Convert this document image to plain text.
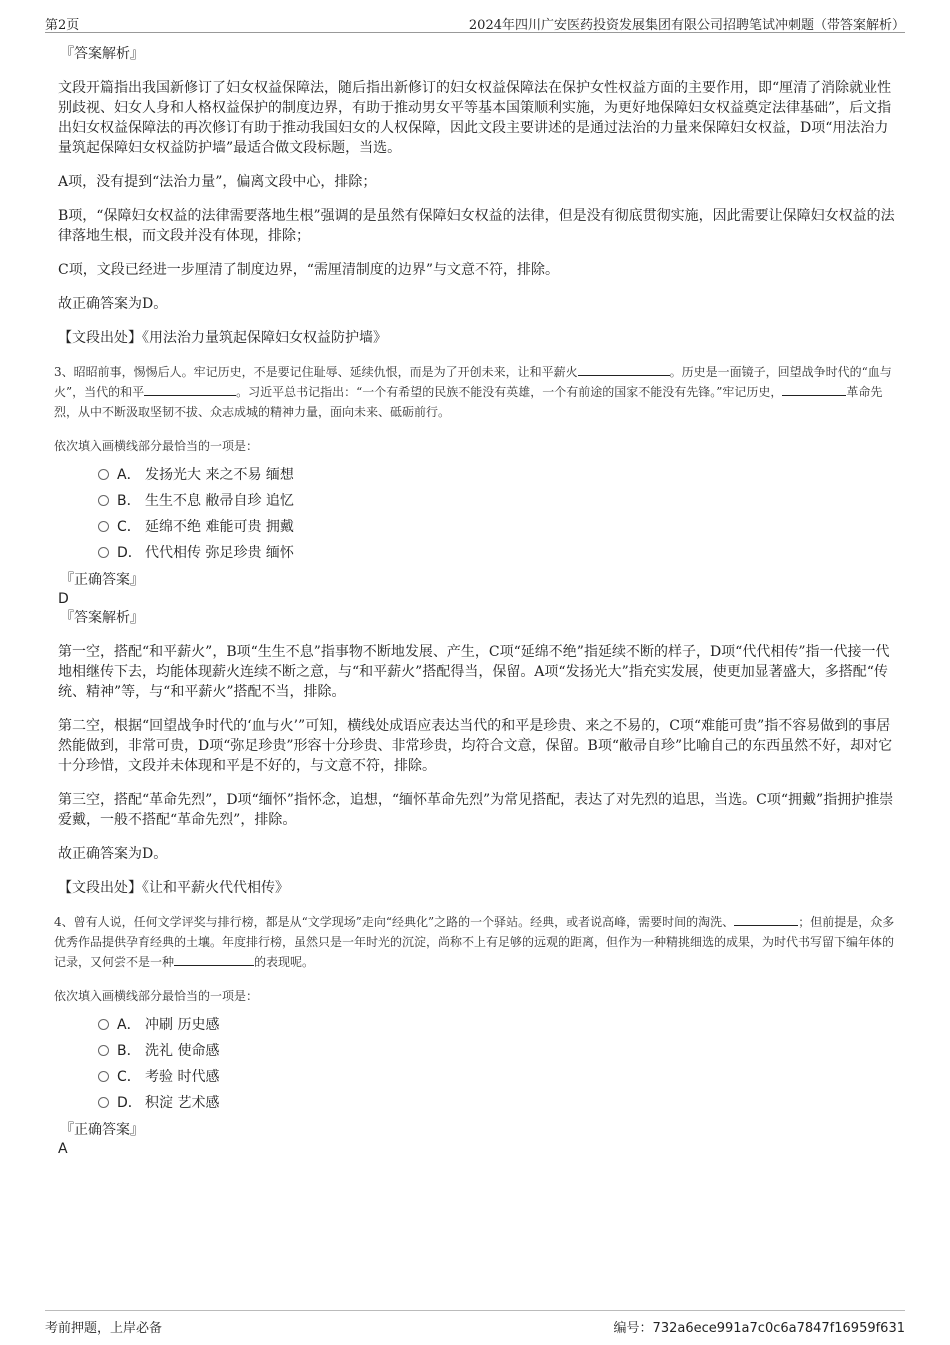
第2页	2024年四川广安医药投资发展集团有限公司招聘笔试冲刺题（带答案解析）
『答案解析』

文段开篇指出我国新修订了妇女权益保障法，随后指出新修订的妇女权益保障法在保护女性权益方面的主要作用，即“厘清了消除就业性别歧视、妇女人身和人格权益保护的制度边界，有助于推动男女平等基本国策顺利实施，为更好地保障妇女权益奠定法律基础”，后文指出妇女权益保障法的再次修订有助于推动我国妇女的人权保障，因此文段主要讲述的是通过法治的力量来保障妇女权益，D项“用法治力量筑起保障妇女权益防护墙”最适合做文段标题，当选。

A项，没有提到“法治力量”，偏离文段中心，排除；

B项，“保障妇女权益的法律需要落地生根”强调的是虽然有保障妇女权益的法律，但是没有彻底贯彻实施，因此需要让保障妇女权益的法律落地生根，而文段并没有体现，排除；

C项，文段已经进一步厘清了制度边界，“需厘清制度的边界”与文意不符，排除。

故正确答案为D。

【文段出处】《用法治力量筑起保障妇女权益防护墙》

3、昭昭前事，惕惕后人。牢记历史，不是要记住耻辱、延续仇恨，而是为了开创未来，让和平薪火	。历史是一面镜子，回望战争时代的“血与火”，当代的和平	。习近平总书记指出：“一个有希望的民族不能没有英雄，一个有前途的国家不能没有先锋。”牢记历史，	革命先烈，从中不断汲取坚韧不拔、众志成城的精神力量，面向未来、砥砺前行。

依次填入画横线部分最恰当的一项是：

A． 发扬光大 来之不易 缅想
B． 生生不息 敝帚自珍 追忆
C． 延绵不绝 难能可贵 拥戴
D． 代代相传 弥足珍贵 缅怀
『正确答案』
D
『答案解析』

第一空，搭配“和平薪火”，B项“生生不息”指事物不断地发展、产生，C项“延绵不绝”指延续不断的样子，D项“代代相传”指一代接一代地相继传下去，均能体现薪火连续不断之意，与“和平薪火”搭配得当，保留。A项“发扬光大”指充实发展，使更加显著盛大，多搭配“传统、精神”等，与“和平薪火”搭配不当，排除。

第二空，根据“回望战争时代的‘血与火’”可知，横线处成语应表达当代的和平是珍贵、来之不易的，C项“难能可贵”指不容易做到的事居然能做到，非常可贵，D项“弥足珍贵”形容十分珍贵、非常珍贵，均符合文意，保留。B项“敝帚自珍”比喻自己的东西虽然不好，却对它十分珍惜，文段并未体现和平是不好的，与文意不符，排除。

第三空，搭配“革命先烈”，D项“缅怀”指怀念，追想，“缅怀革命先烈”为常见搭配，表达了对先烈的追思，当选。C项“拥戴”指拥护推崇爱戴，一般不搭配“革命先烈”，排除。

故正确答案为D。

【文段出处】《让和平薪火代代相传》

4、曾有人说，任何文学评奖与排行榜，都是从“文学现场”走向“经典化”之路的一个驿站。经典，或者说高峰，需要时间的淘洗、	；但前提是，众多优秀作品提供孕育经典的土壤。年度排行榜，虽然只是一年时光的沉淀，尚称不上有足够的远观的距离，但作为一种精挑细选的成果，为时代书写留下编年体的记录，又何尝不是一种	的表现呢。

依次填入画横线部分最恰当的一项是：

A． 冲刷 历史感
B． 洗礼 使命感
C． 考验 时代感
D． 积淀 艺术感
『正确答案』
A
考前押题，上岸必备	编号：732a6ece991a7c0c6a7847f16959f631
